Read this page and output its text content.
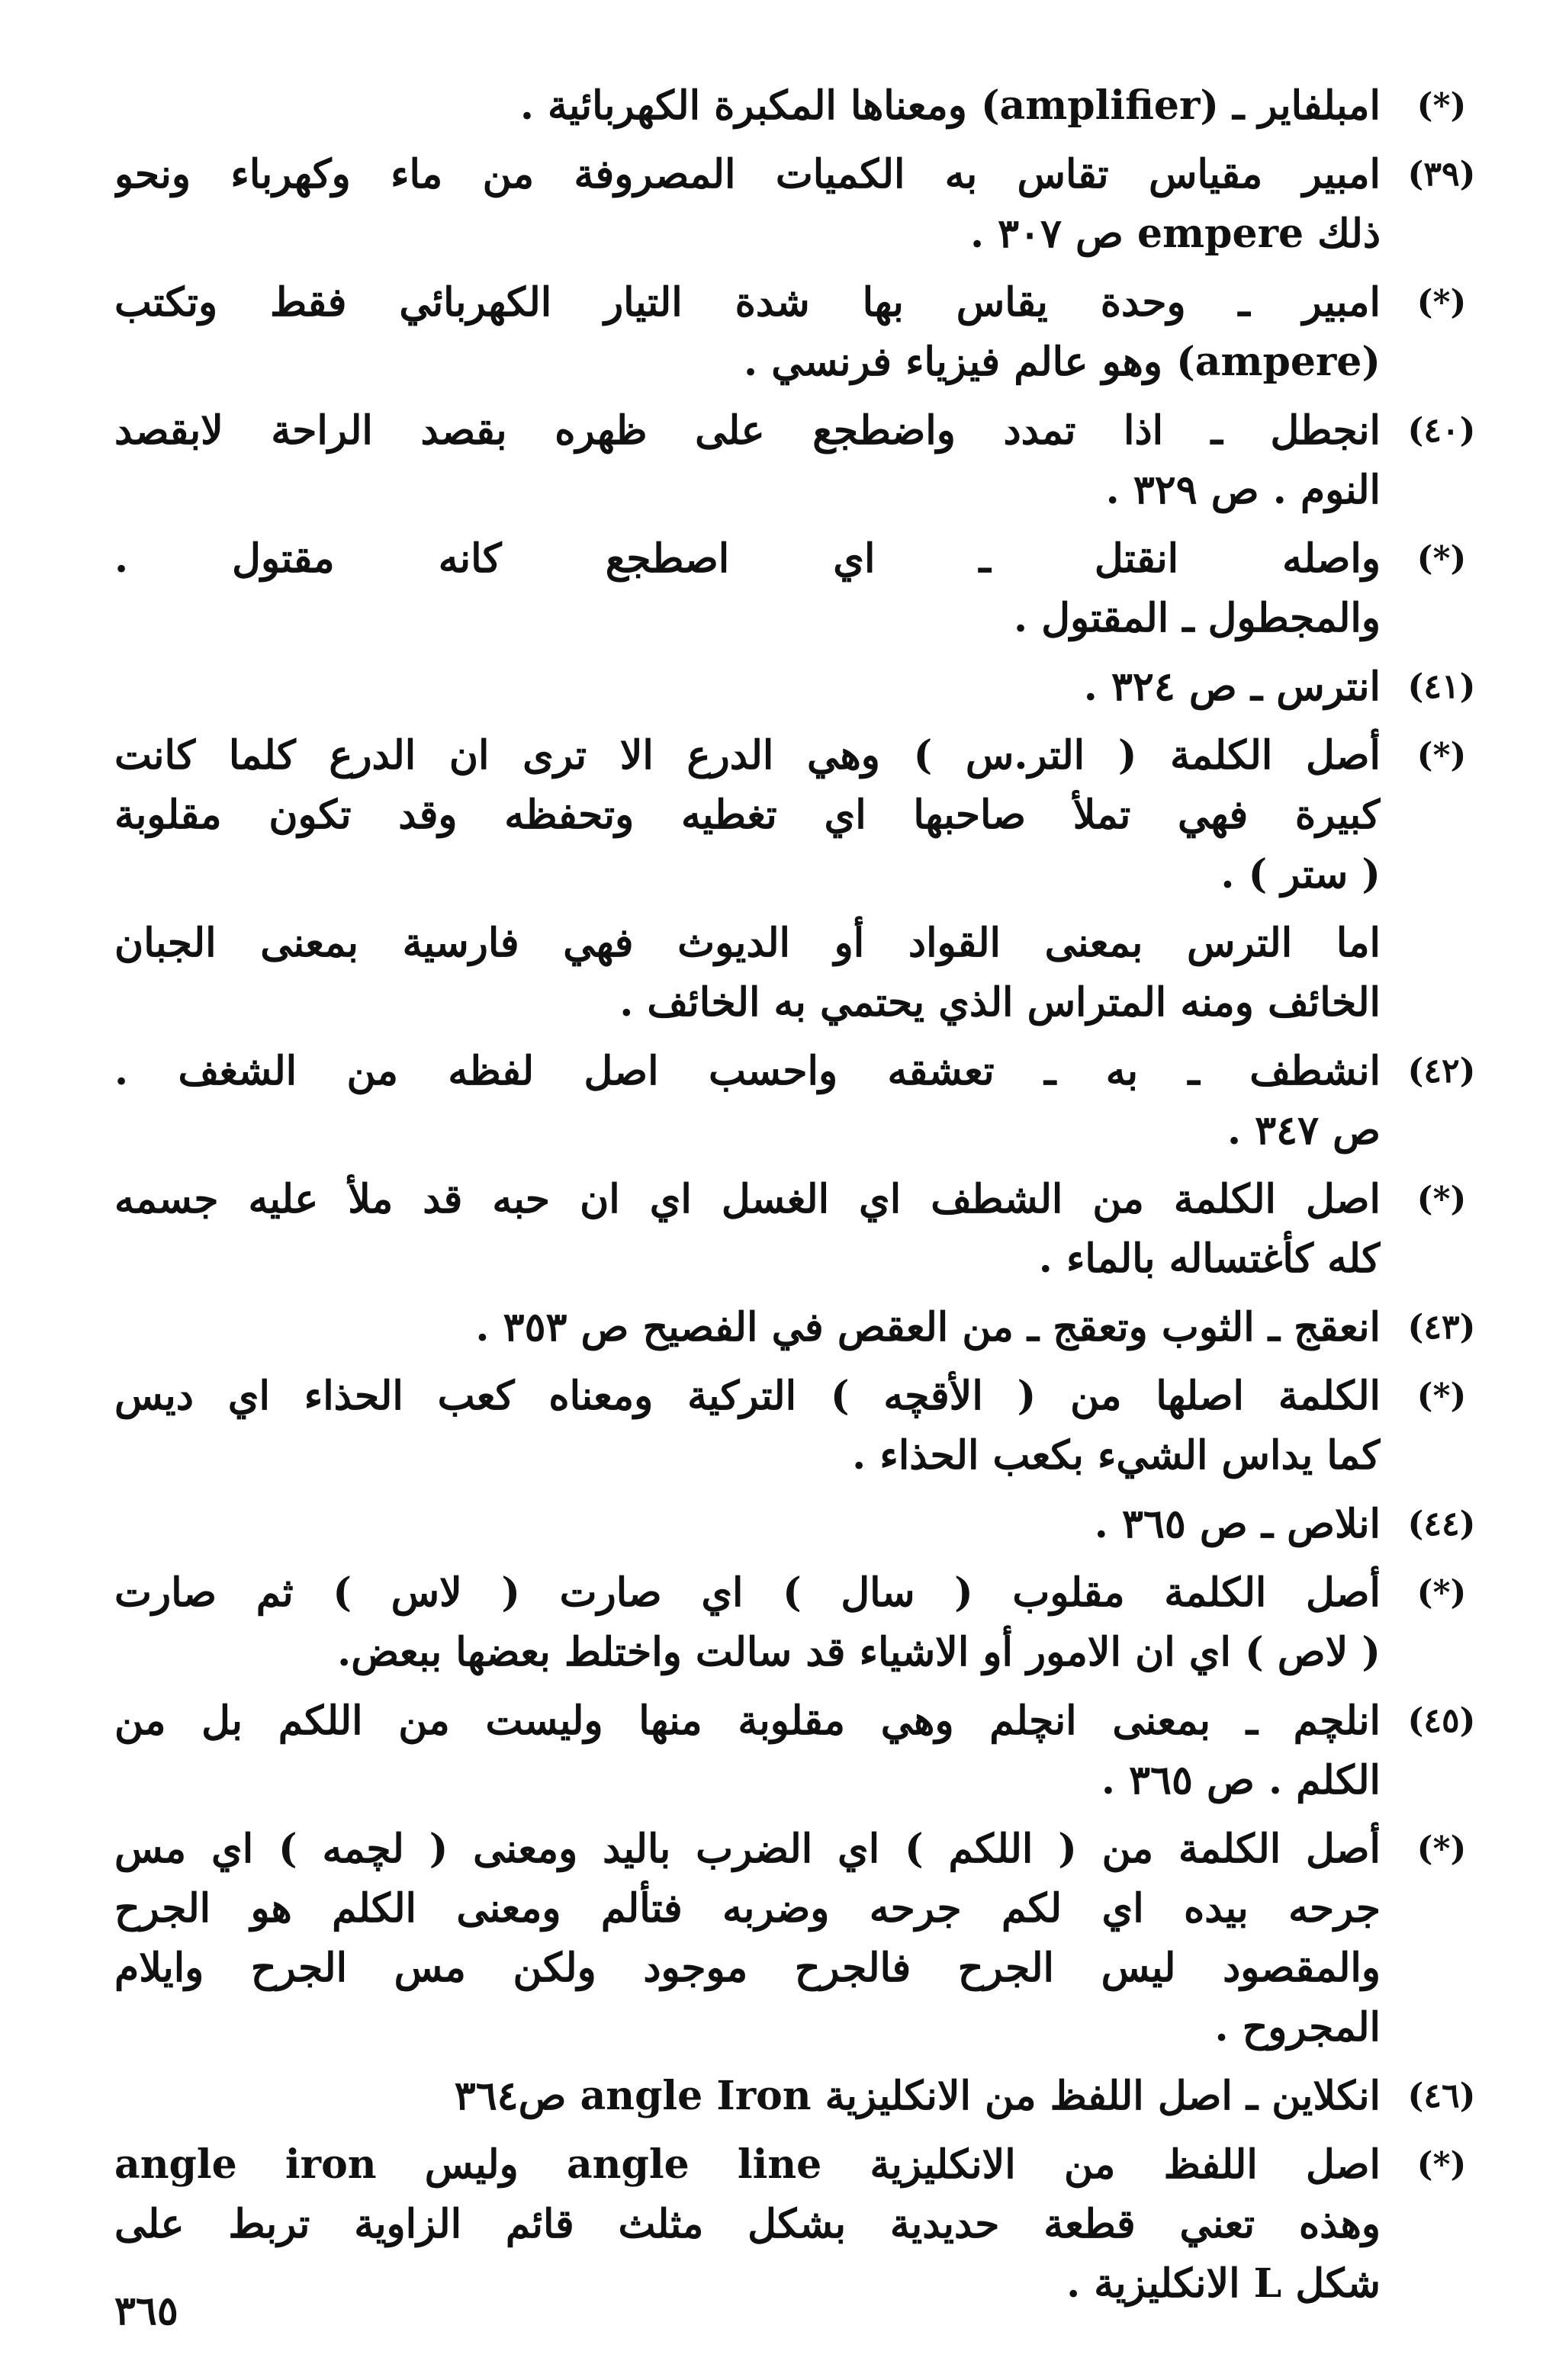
(*)
امبلفاير ـ (amplifier) ومعناها المكبرة الكهربائية .
(٣٩)
امبير مقياس تقاس به الكميات المصروفة من ماء وكهرباء ونحو
ذلك empere ص ٣٠٧ .
(*)
امبير ـ وحدة يقاس بها شدة التيار الكهربائي فقط وتكتب
(ampere) وهو عالم فيزياء فرنسي .
(٤٠)
انجطل ـ اذا تمدد واضطجع على ظهره بقصد الراحة لابقصد
النوم . ص ٣٢٩ .
(*)
واصله انقتل ـ اي اصطجع كانه مقتول .
والمجطول ـ المقتول .
(٤١)
انترس ـ ص ٣٢٤ .
(*)
أصل الكلمة ( التر.س ) وهي الدرع الا ترى ان الدرع كلما كانت
كبيرة فهي تملأ صاحبها اي تغطيه وتحفظه وقد تكون مقلوبة
( ستر ) .
اما الترس بمعنى القواد أو الديوث فهي فارسية بمعنى الجبان
الخائف ومنه المتراس الذي يحتمي به الخائف .
(٤٢)
انشطف ـ به ـ تعشقه واحسب اصل لفظه من الشغف .
ص ٣٤٧ .
(*)
اصل الكلمة من الشطف اي الغسل اي ان حبه قد ملأ عليه جسمه
كله كأغتساله بالماء .
(٤٣)
انعقج ـ الثوب وتعقج ـ من العقص في الفصيح ص ٣٥٣ .
(*)
الكلمة اصلها من ( الأقچه ) التركية ومعناه كعب الحذاء اي ديس
كما يداس الشيء بكعب الحذاء .
(٤٤)
انلاص ـ ص ٣٦٥ .
(*)
أصل الكلمة مقلوب ( سال ) اي صارت ( لاس ) ثم صارت
( لاص ) اي ان الامور أو الاشياء قد سالت واختلط بعضها ببعض.
(٤٥)
انلچم ـ بمعنى انچلم وهي مقلوبة منها وليست من اللكم بل من
الكلم . ص ٣٦٥ .
(*)
أصل الكلمة من ( اللكم ) اي الضرب باليد ومعنى ( لچمه ) اي مس
جرحه بيده اي لكم جرحه وضربه فتألم ومعنى الكلم هو الجرح
والمقصود ليس الجرح فالجرح موجود ولكن مس الجرح وايلام
المجروح .
(٤٦)
انكلاين ـ اصل اللفظ من الانكليزية angle Iron ص٣٦٤
(*)
اصل اللفظ من الانكليزية angle line وليس angle iron
وهذه تعني قطعة حديدية بشكل مثلث قائم الزاوية تربط على
شكل L الانكليزية .
٣٦٥
